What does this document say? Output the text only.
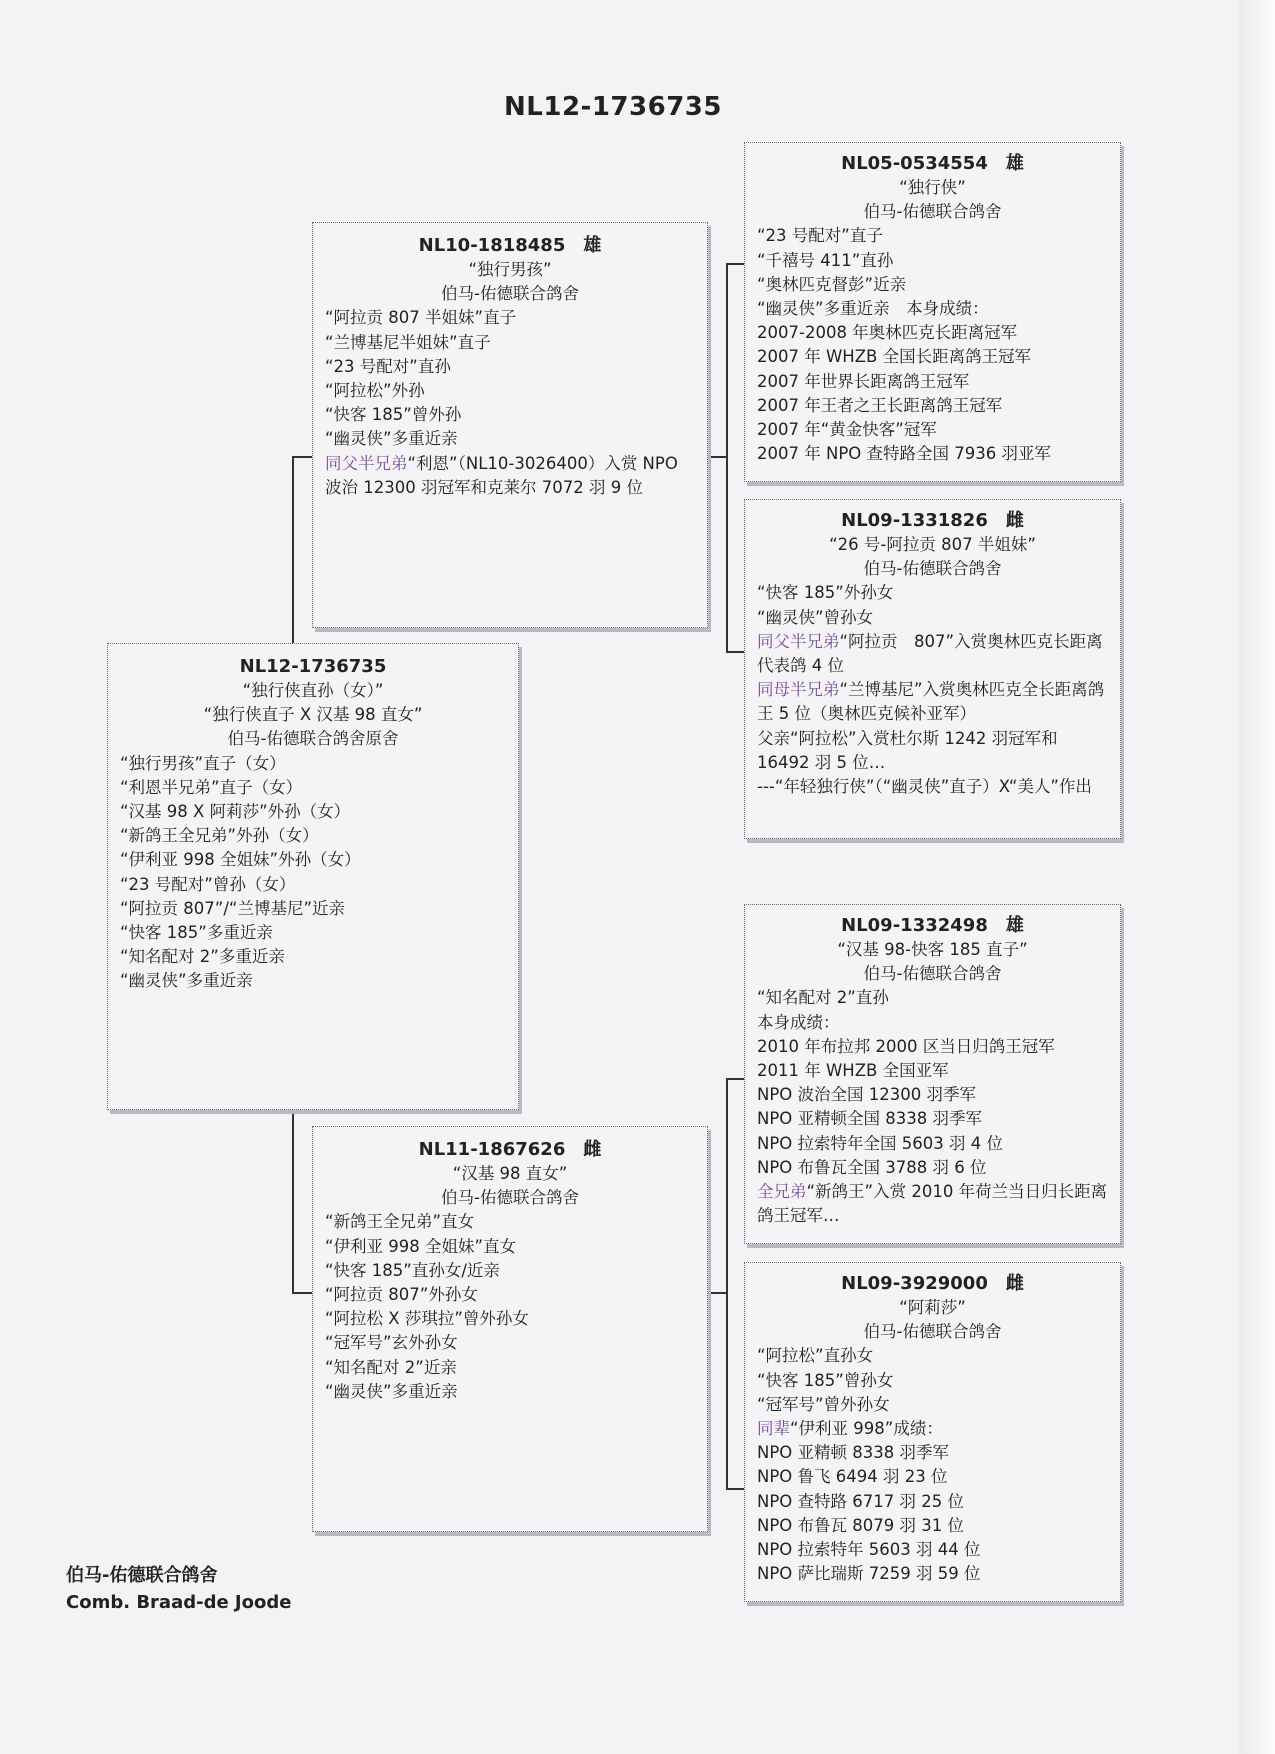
NL12-1736735
NL12-1736735
“独行侠直孙（女）”
“独行侠直子 X 汉基 98 直女”
伯马-佑德联合鸽舍原舍
“独行男孩”直子（女）
“利恩半兄弟”直子（女）
“汉基 98 X 阿莉莎”外孙（女）
“新鸽王全兄弟”外孙（女）
“伊利亚 998 全姐妹”外孙（女）
“23 号配对”曾孙（女）
“阿拉贡 807”/“兰博基尼”近亲
“快客 185”多重近亲
“知名配对 2”多重近亲
“幽灵侠”多重近亲
NL10-1818485　雄
“独行男孩”
伯马-佑德联合鸽舍
“阿拉贡 807 半姐妹”直子
“兰博基尼半姐妹”直子
“23 号配对”直孙
“阿拉松”外孙
“快客 185”曾外孙
“幽灵侠”多重近亲
同父半兄弟“利恩”（NL10-3026400）入赏 NPO 波治 12300 羽冠军和克莱尔 7072 羽 9 位
NL11-1867626　雌
“汉基 98 直女”
伯马-佑德联合鸽舍
“新鸽王全兄弟”直女
“伊利亚 998 全姐妹”直女
“快客 185”直孙女/近亲
“阿拉贡 807”外孙女
“阿拉松 X 莎琪拉”曾外孙女
“冠军号”玄外孙女
“知名配对 2”近亲
“幽灵侠”多重近亲
NL05-0534554　雄
“独行侠”
伯马-佑德联合鸽舍
“23 号配对”直子
“千禧号 411”直孙
“奥林匹克督彭”近亲
“幽灵侠”多重近亲　本身成绩：
2007-2008 年奥林匹克长距离冠军
2007 年 WHZB 全国长距离鸽王冠军
2007 年世界长距离鸽王冠军
2007 年王者之王长距离鸽王冠军
2007 年“黄金快客”冠军
2007 年 NPO 查特路全国 7936 羽亚军
NL09-1331826　雌
“26 号-阿拉贡 807 半姐妹”
伯马-佑德联合鸽舍
“快客 185”外孙女
“幽灵侠”曾孙女
同父半兄弟“阿拉贡　807”入赏奥林匹克长距离代表鸽 4 位
同母半兄弟“兰博基尼”入赏奥林匹克全长距离鸽王 5 位（奥林匹克候补亚军）
父亲“阿拉松”入赏杜尔斯 1242 羽冠军和 16492 羽 5 位…
---“年轻独行侠”（“幽灵侠”直子）X“美人”作出
NL09-1332498　雄
“汉基 98-快客 185 直子”
伯马-佑德联合鸽舍
“知名配对 2”直孙
本身成绩：
2010 年布拉邦 2000 区当日归鸽王冠军
2011 年 WHZB 全国亚军
NPO 波治全国 12300 羽季军
NPO 亚精顿全国 8338 羽季军
NPO 拉索特年全国 5603 羽 4 位
NPO 布鲁瓦全国 3788 羽 6 位
全兄弟“新鸽王”入赏 2010 年荷兰当日归长距离鸽王冠军…
NL09-3929000　雌
“阿莉莎”
伯马-佑德联合鸽舍
“阿拉松”直孙女
“快客 185”曾孙女
“冠军号”曾外孙女
同辈“伊利亚 998”成绩：
NPO 亚精顿 8338 羽季军
NPO 鲁飞 6494 羽 23 位
NPO 查特路 6717 羽 25 位
NPO 布鲁瓦 8079 羽 31 位
NPO 拉索特年 5603 羽 44 位
NPO 萨比瑞斯 7259 羽 59 位
伯马-佑德联合鸽舍
Comb. Braad-de Joode
